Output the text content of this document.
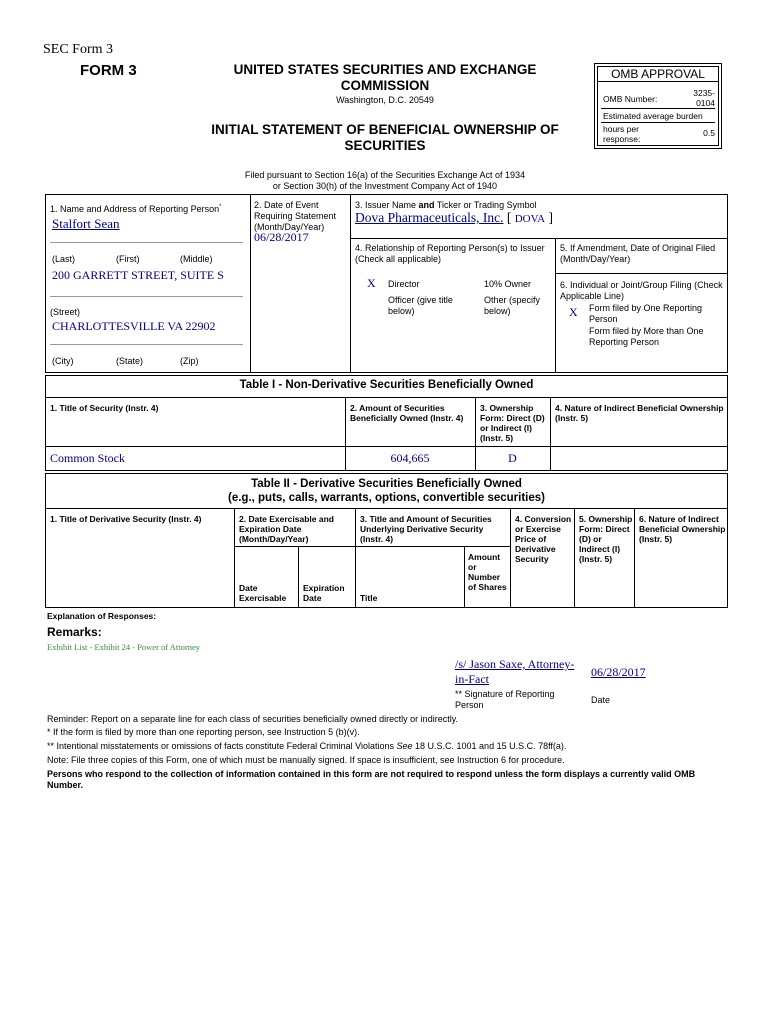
SEC Form 3
FORM 3	UNITED STATES SECURITIES AND EXCHANGE
COMMISSION
Washington, D.C. 20549
INITIAL STATEMENT OF BENEFICIAL OWNERSHIP OF
SECURITIES
OMB APPROVAL
OMB Number:
3235-0104
Estimated average burden
hours per response:
0.5
Filed pursuant to Section 16(a) of the Securities Exchange Act of 1934
or Section 30(h) of the Investment Company Act of 1940
1. Name and Address of Reporting Person*
Stalfort Sean
(Last)	(First)	(Middle)
200 GARRETT STREET, SUITE S
(Street)
CHARLOTTESVILLE VA 22902
(City)	(State)	(Zip)
2. Date of Event Requiring Statement (Month/Day/Year)
06/28/2017
3. Issuer Name and Ticker or Trading Symbol
Dova Pharmaceuticals, Inc. [ DOVA ]
4. Relationship of Reporting Person(s) to Issuer
(Check all applicable)
X Director	10% Owner
Officer (give title below)
Other (specify below)
5. If Amendment, Date of Original Filed (Month/Day/Year)
6. Individual or Joint/Group Filing (Check Applicable Line)
X Form filed by One Reporting Person
Form filed by More than One Reporting Person
Table I - Non-Derivative Securities Beneficially Owned
1. Title of Security (Instr. 4)	2. Amount of Securities Beneficially Owned (Instr. 4)
3. Ownership Form: Direct (D) or Indirect (I) (Instr. 5)
4. Nature of Indirect Beneficial Ownership (Instr. 5)
Common Stock	604,665	D
Table II - Derivative Securities Beneficially Owned
(e.g., puts, calls, warrants, options, convertible securities)
1. Title of Derivative Security (Instr. 4)	2. Date Exercisable and Expiration Date (Month/Day/Year)
3. Title and Amount of Securities Underlying Derivative Security (Instr. 4)
4. Conversion or Exercise Price of Derivative Security
5. Ownership Form: Direct (D) or Indirect (I) (Instr. 5)
6. Nature of Indirect Beneficial Ownership (Instr. 5)
Date Exercisable
Expiration Date	Title
Amount or Number of Shares
Explanation of Responses:
Remarks:
Exhibit List - Exhibit 24 - Power of Attorney
/s/ Jason Saxe, Attorney-in-Fact	06/28/2017
** Signature of Reporting Person	Date
Reminder: Report on a separate line for each class of securities beneficially owned directly or indirectly.
* If the form is filed by more than one reporting person, see Instruction 5 (b)(v).
** Intentional misstatements or omissions of facts constitute Federal Criminal Violations See 18 U.S.C. 1001 and 15 U.S.C. 78ff(a).
Note: File three copies of this Form, one of which must be manually signed. If space is insufficient, see Instruction 6 for procedure.
Persons who respond to the collection of information contained in this form are not required to respond unless the form displays a currently valid OMB Number.
